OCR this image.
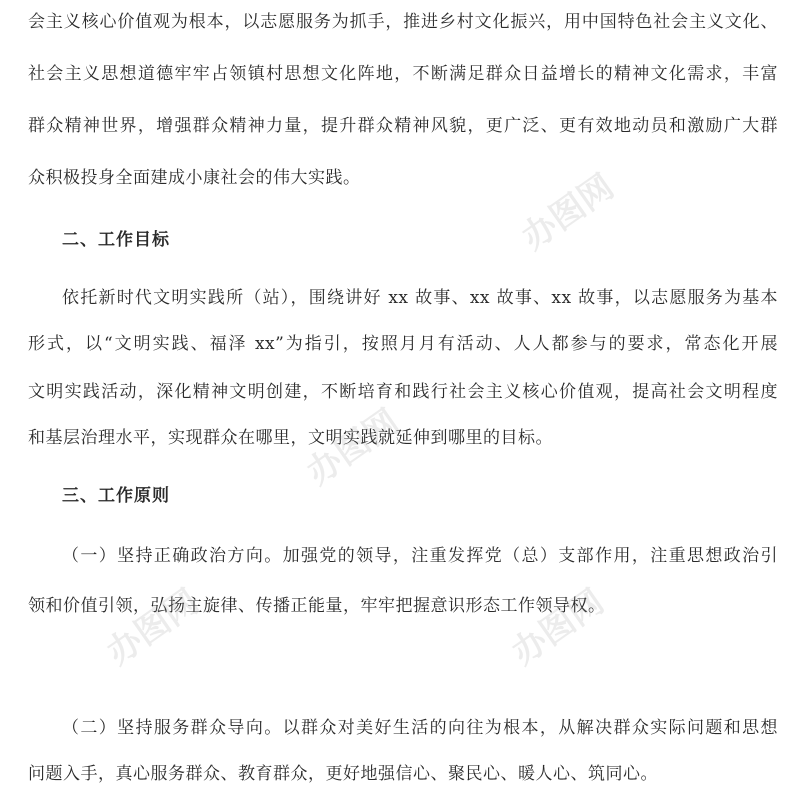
会主义核心价值观为根本，以志愿服务为抓手，推进乡村文化振兴，用中国特色社会主义文化、
社会主义思想道德牢牢占领镇村思想文化阵地，不断满足群众日益增长的精神文化需求，丰富
群众精神世界，增强群众精神力量，提升群众精神风貌，更广泛、更有效地动员和激励广大群
众积极投身全面建成小康社会的伟大实践。
二、工作目标
依托新时代文明实践所（站），围绕讲好 xx 故事、xx 故事、xx 故事，以志愿服务为基本
形式，以“文明实践、福泽 xx”为指引，按照月月有活动、人人都参与的要求，常态化开展
文明实践活动，深化精神文明创建，不断培育和践行社会主义核心价值观，提高社会文明程度
和基层治理水平，实现群众在哪里，文明实践就延伸到哪里的目标。
三、工作原则
（一）坚持正确政治方向。加强党的领导，注重发挥党（总）支部作用，注重思想政治引
领和价值引领，弘扬主旋律、传播正能量，牢牢把握意识形态工作领导权。
（二）坚持服务群众导向。以群众对美好生活的向往为根本，从解决群众实际问题和思想
问题入手，真心服务群众、教育群众，更好地强信心、聚民心、暖人心、筑同心。
办图网
办图网
办图网
办图网
